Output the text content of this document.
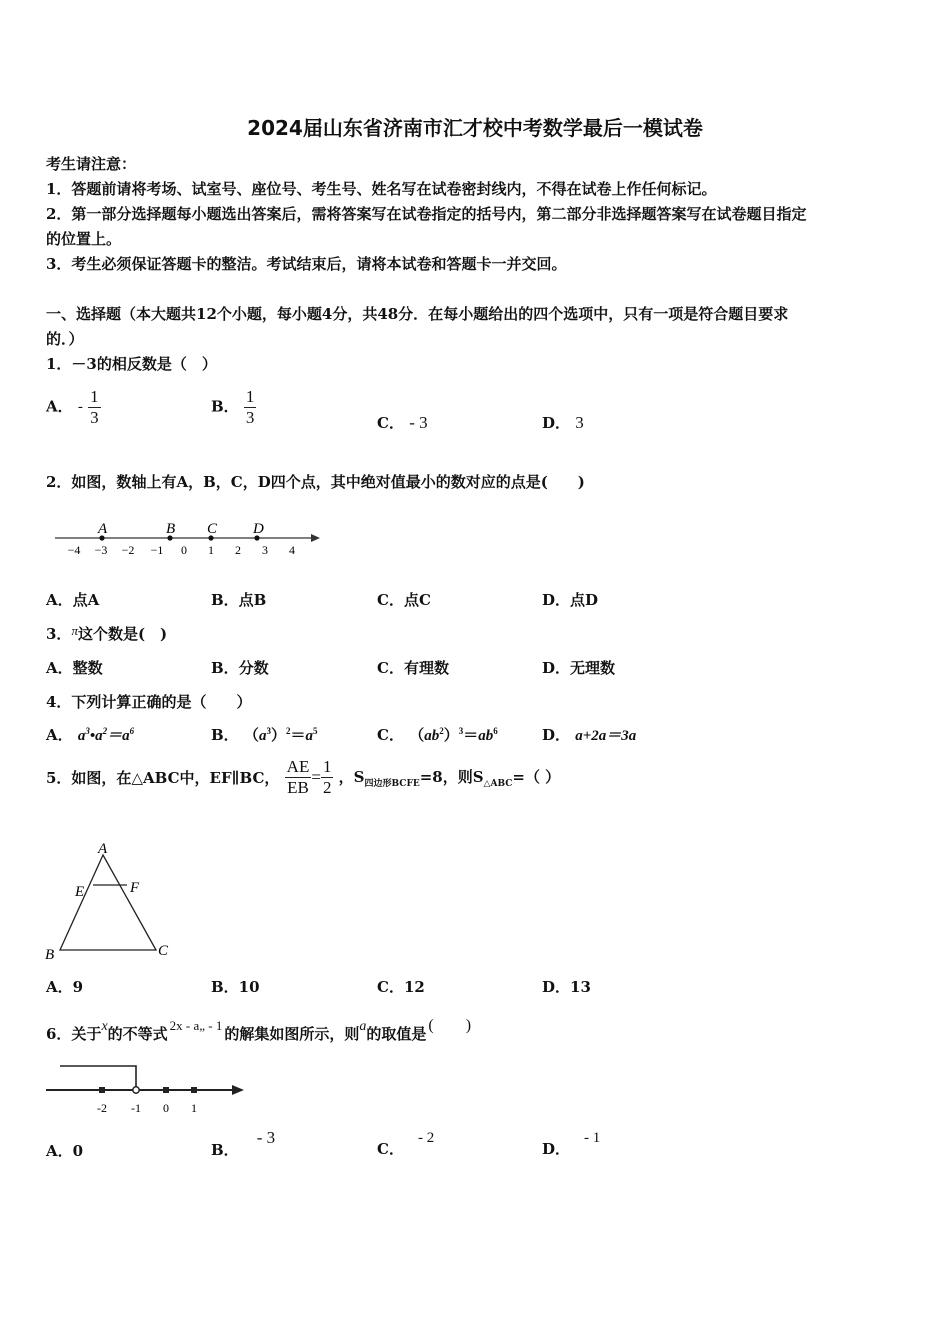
2024届山东省济南市汇才校中考数学最后一模试卷
考生请注意：
1．答题前请将考场、试室号、座位号、考生号、姓名写在试卷密封线内，不得在试卷上作任何标记。
2．第一部分选择题每小题选出答案后，需将答案写在试卷指定的括号内，第二部分非选择题答案写在试卷题目指定
的位置上。
3．考生必须保证答题卡的整洁。考试结束后，请将本试卷和答题卡一并交回。
一、选择题（本大题共12个小题，每小题4分，共48分．在每小题给出的四个选项中，只有一项是符合题目要求
的．）
1．－3的相反数是（　）
A． - $\frac{1}{3}$	B． $\frac{1}{3}$	C． - 3	D． 3
2．如图，数轴上有A，B，C，D四个点，其中绝对值最小的数对应的点是(　　)
A	B C D
−4 −3 −2 −1 0 1 2 3 4
A．点A	B．点B	C．点C	D．点D
3．π这个数是(　)
A．整数	B．分数	C．有理数	D．无理数
4．下列计算正确的是（　　）
A． $a^3•a^2=a^6$	B． $(a^3)^2=a^5$	C． $(ab^2)^3=ab^6$	D． a+2a＝3a
5．如图，在△ABC中，EF∥BC， $\frac{AE}{EB} = \frac{1}{2}$ ，$S_{四边形BCFE}=8$，则$S_{\triangle ABC}=$（ ）
A
E	F
B	C
A．9	B．10	C．12	D．13
6．关于x的不等式 2x - a„ - 1 的解集如图所示，则a的取值是 (　　)
-2 -1 0 1
A．0	B．- 3
C．- 2
D．- 1
